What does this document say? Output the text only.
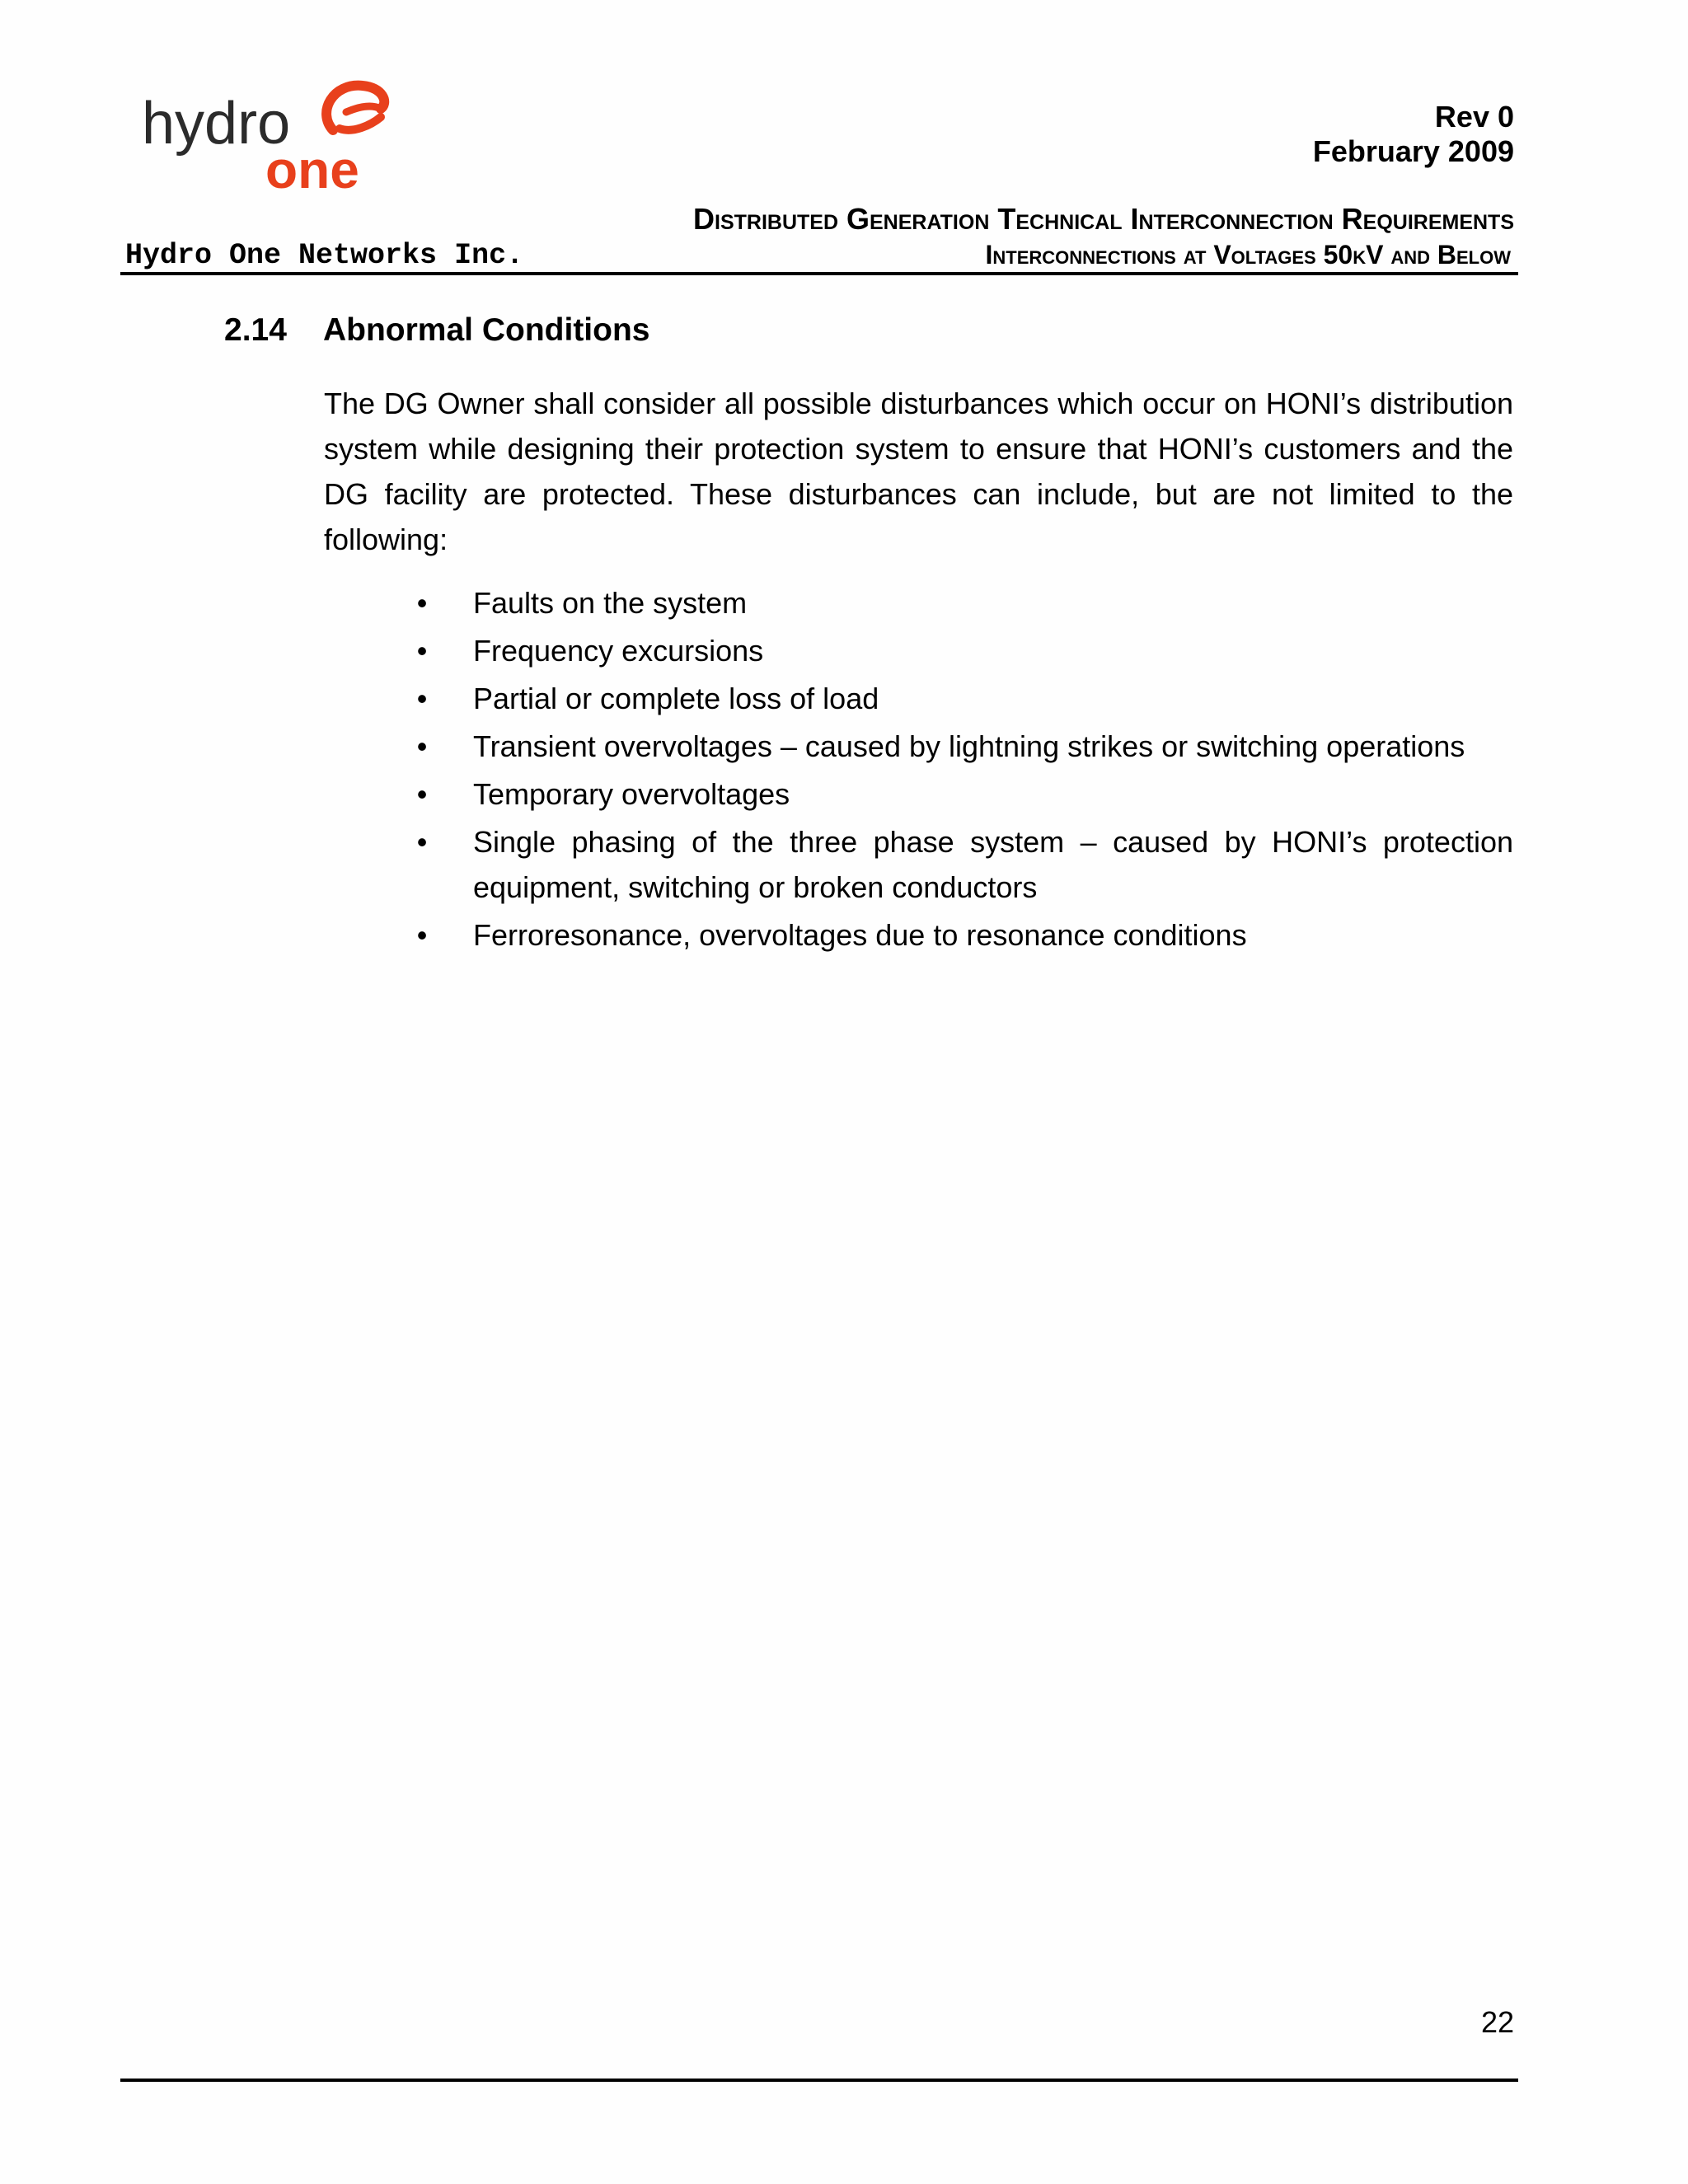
hydro
one
Rev 0
February 2009
Distributed Generation Technical Interconnection Requirements
Hydro One Networks Inc.	Interconnections at Voltages 50kV and Below
2.14 Abnormal Conditions

The DG Owner shall consider all possible disturbances which occur on HONI’s distribution system while designing their protection system to ensure that HONI’s customers and the DG facility are protected. These disturbances can include, but are not limited to the following:

• Faults on the system
• Frequency excursions
• Partial or complete loss of load
• Transient overvoltages – caused by lightning strikes or switching operations
• Temporary overvoltages
• Single phasing of the three phase system – caused by HONI’s protection equipment, switching or broken conductors
• Ferroresonance, overvoltages due to resonance conditions
22
